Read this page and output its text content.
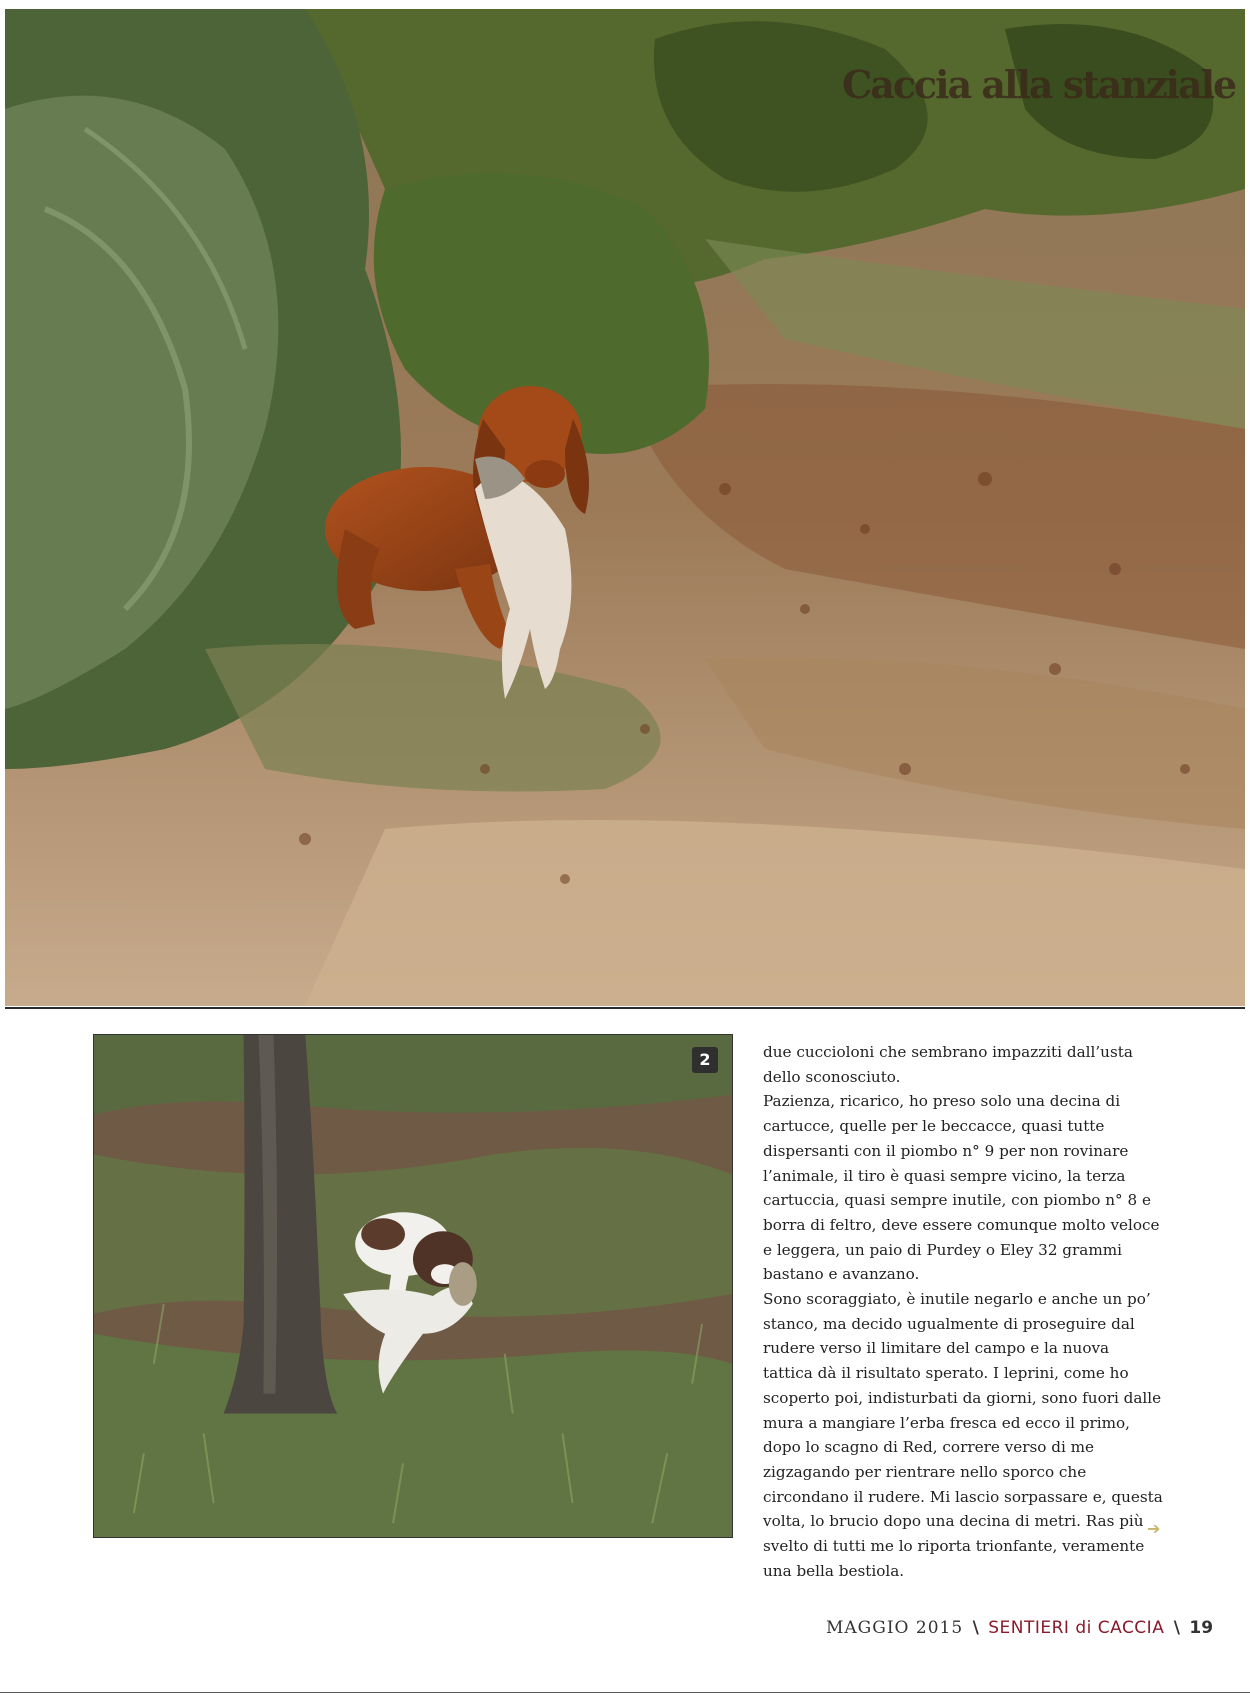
Caccia alla stanziale
2	due cuccioloni che sembrano impazziti dall’usta dello sconosciuto.

Pazienza, ricarico, ho preso solo una decina di cartucce, quelle per le beccacce, quasi tutte dispersanti con il piombo n° 9 per non rovinare l’animale, il tiro è quasi sempre vicino, la terza cartuccia, quasi sempre inutile, con piombo n° 8 e borra di feltro, deve essere comunque molto veloce e leggera, un paio di Purdey o Eley 32 grammi bastano e avanzano.

Sono scoraggiato, è inutile negarlo e anche un po’ stanco, ma decido ugualmente di proseguire dal rudere verso il limitare del campo e la nuova tattica dà il risultato sperato. I leprini, come ho scoperto poi, indisturbati da giorni, sono fuori dalle mura a mangiare l’erba fresca ed ecco il primo, dopo lo scagno di Red, correre verso di me zigzagando per rientrare nello sporco che circondano il rudere. Mi lascio sorpassare e, questa volta, lo brucio dopo una decina di metri. Ras più svelto di tutti me lo riporta trionfante, veramente una bella bestiola.

➔
MAGGIO 2015 \ SENTIERI di CACCIA \ 19
